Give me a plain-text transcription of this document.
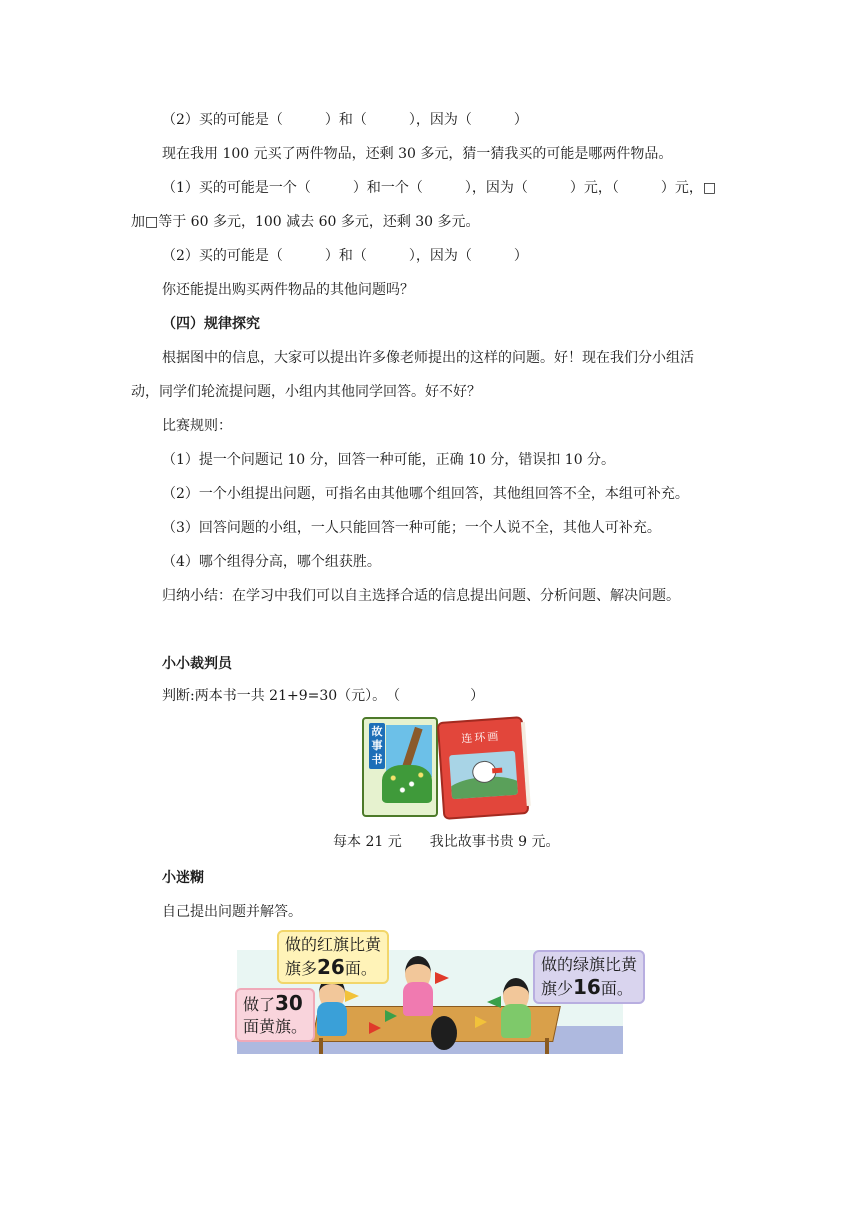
（2）买的可能是（　　　）和（　　　），因为（　　　）
现在我用 100 元买了两件物品，还剩 30 多元，猜一猜我买的可能是哪两件物品。
（1）买的可能是一个（　　　）和一个（　　　），因为（　　　）元，（　　　）元，□
加□等于 60 多元，100 减去 60 多元，还剩 30 多元。
（2）买的可能是（　　　）和（　　　），因为（　　　）
你还能提出购买两件物品的其他问题吗？
（四）规律探究
根据图中的信息，大家可以提出许多像老师提出的这样的问题。好！现在我们分小组活
动，同学们轮流提问题，小组内其他同学回答。好不好？
比赛规则：
（1）提一个问题记 10 分，回答一种可能，正确 10 分，错误扣 10 分。
（2）一个小组提出问题，可指名由其他哪个组回答，其他组回答不全，本组可补充。
（3）回答问题的小组，一人只能回答一种可能；一个人说不全，其他人可补充。
（4）哪个组得分高，哪个组获胜。
归纳小结：在学习中我们可以自主选择合适的信息提出问题、分析问题、解决问题。
小小裁判员
判断:两本书一共 21+9=30（元）。　（　　　　　）
故事书
连环画
每本 21 元　　我比故事书贵 9 元。
小迷糊
自己提出问题并解答。
做的红旗比黄
旗多26面。
做了30
面黄旗。
做的绿旗比黄
旗少16面。
